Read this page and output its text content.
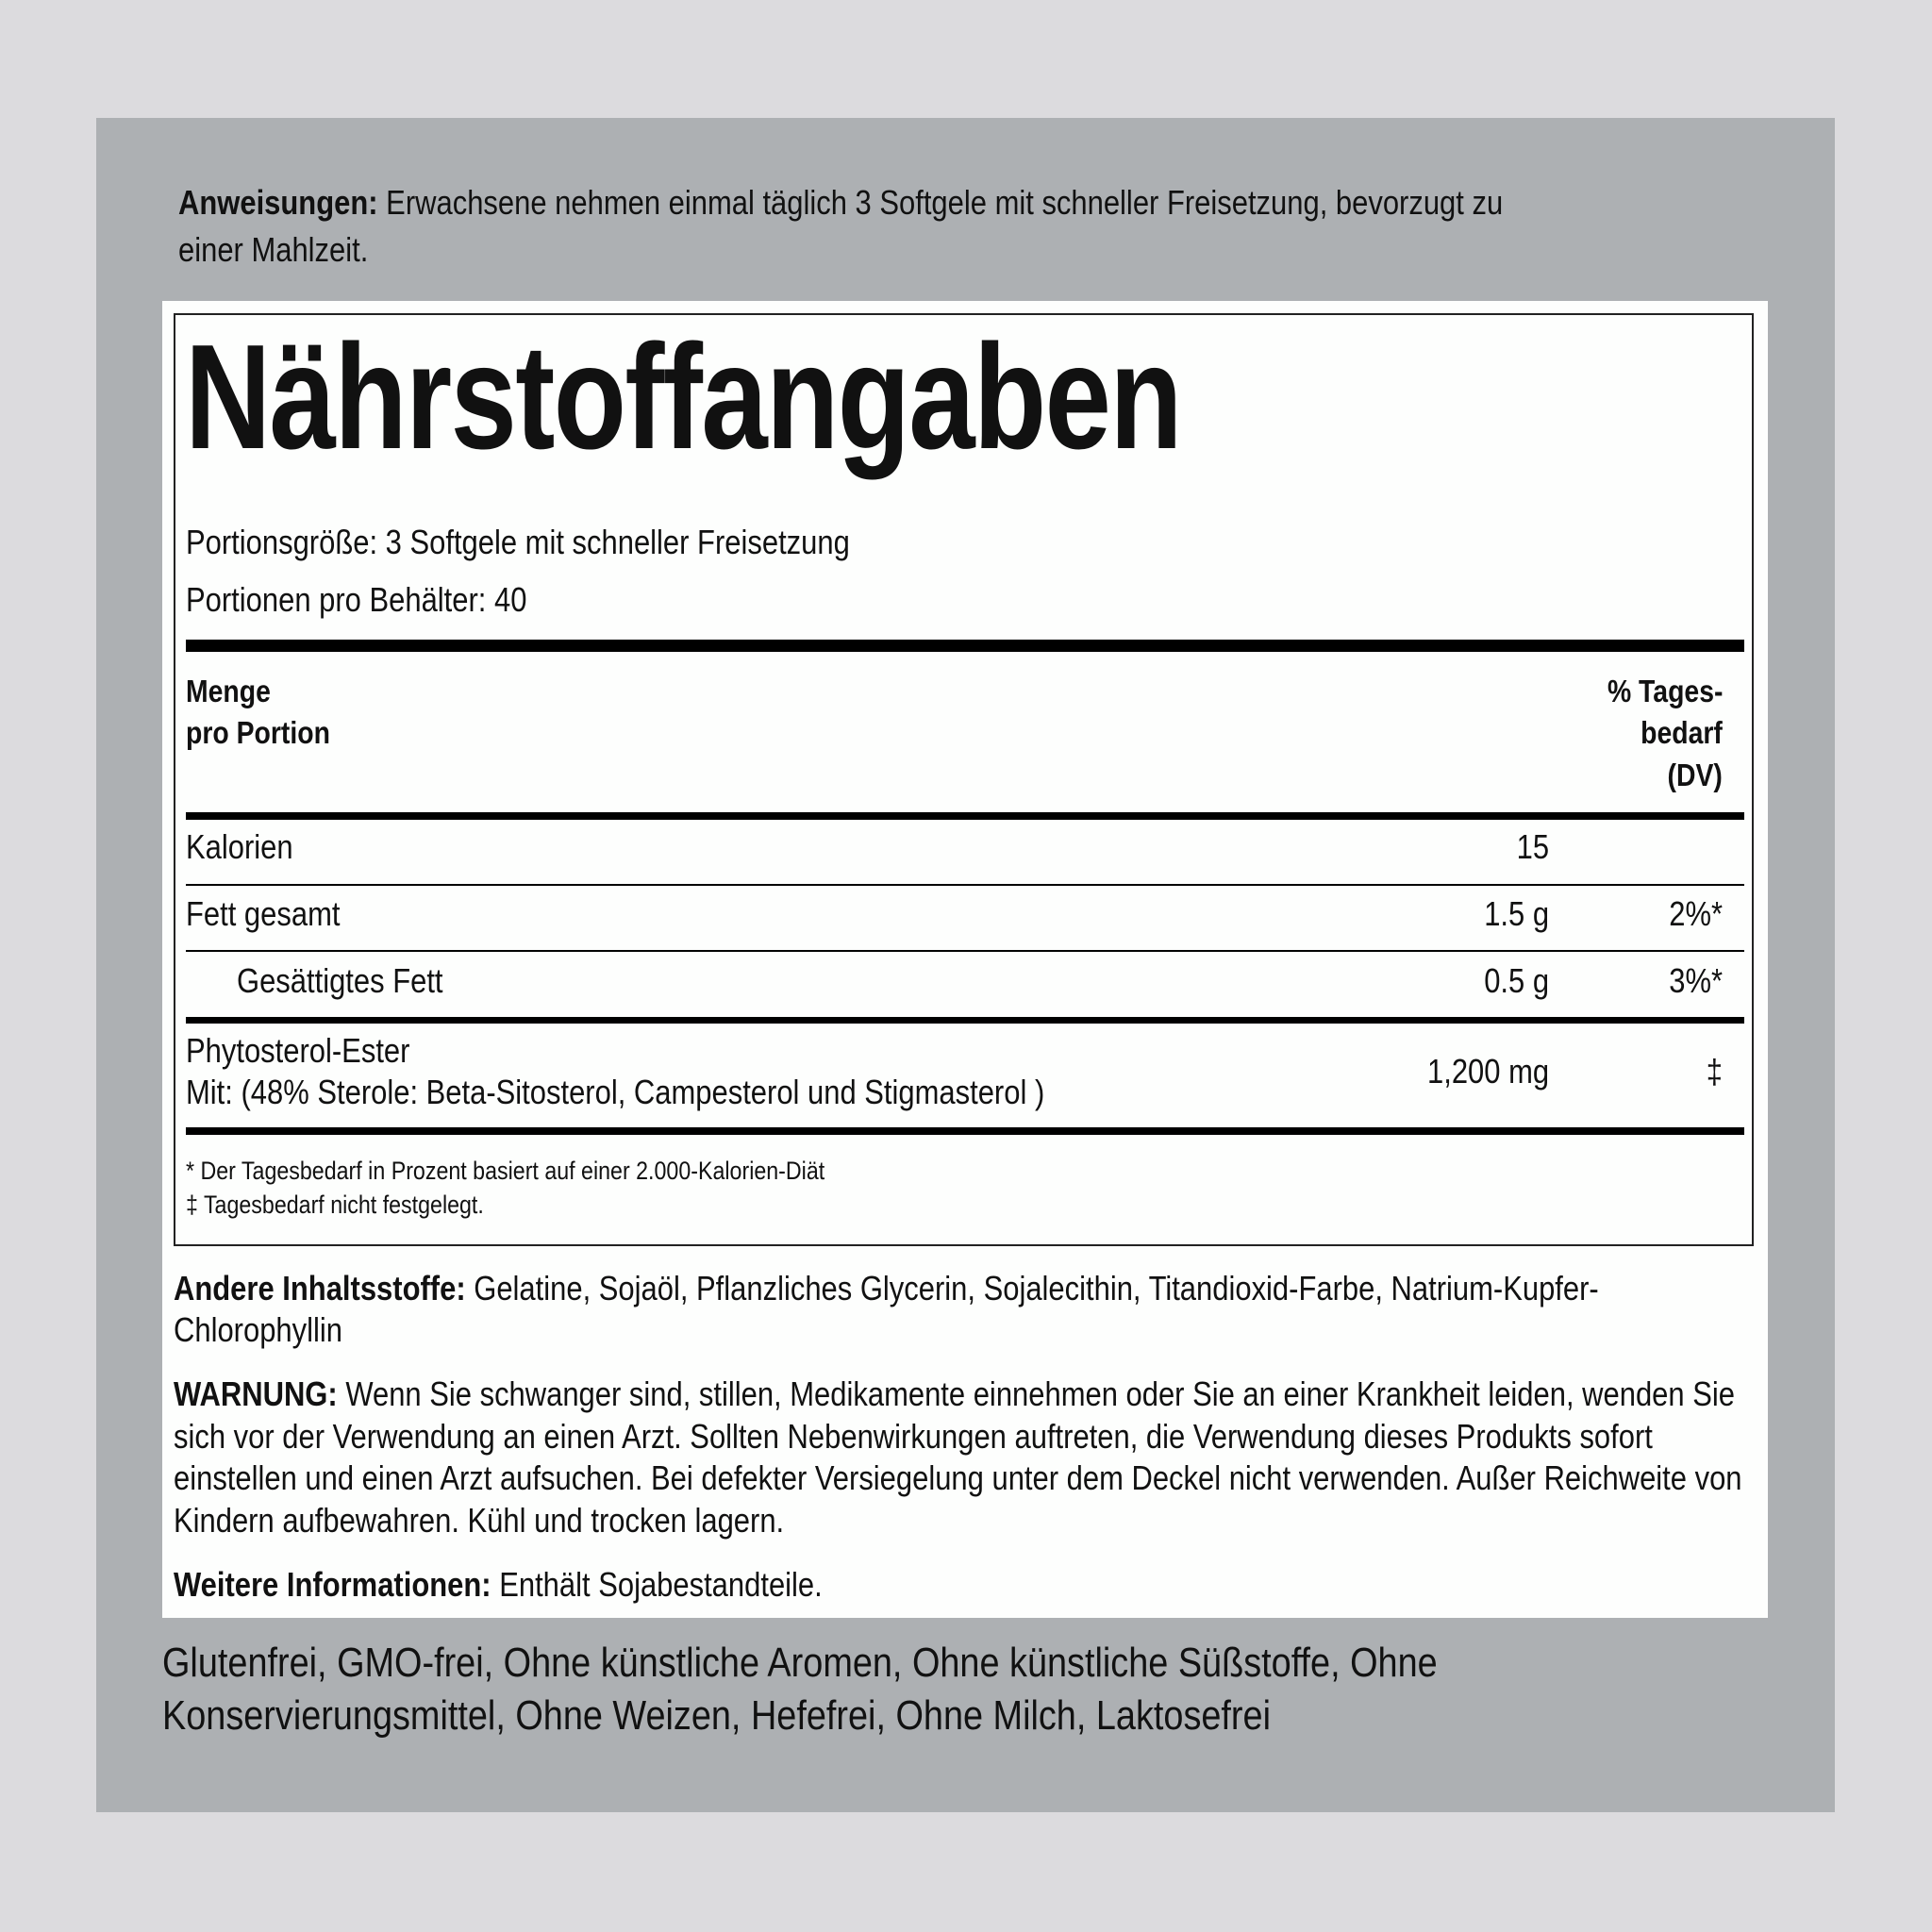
Anweisungen: Erwachsene nehmen einmal täglich 3 Softgele mit schneller Freisetzung, bevorzugt zu
einer Mahlzeit.
Nährstoffangaben
Portionsgröße: 3 Softgele mit schneller Freisetzung
Portionen pro Behälter: 40
Menge
pro Portion
% Tages-
bedarf
(DV)
Kalorien	15
Fett gesamt	1.5 g	2%*
Gesättigtes Fett	0.5 g	3%*
Phytosterol-Ester
Mit: (48% Sterole: Beta-Sitosterol, Campesterol und Stigmasterol )
1,200 mg	‡
* Der Tagesbedarf in Prozent basiert auf einer 2.000-Kalorien-Diät
‡ Tagesbedarf nicht festgelegt.
Andere Inhaltsstoffe: Gelatine, Sojaöl, Pflanzliches Glycerin, Sojalecithin, Titandioxid-Farbe, Natrium-Kupfer-
Chlorophyllin
WARNUNG: Wenn Sie schwanger sind, stillen, Medikamente einnehmen oder Sie an einer Krankheit leiden, wenden Sie
sich vor der Verwendung an einen Arzt. Sollten Nebenwirkungen auftreten, die Verwendung dieses Produkts sofort
einstellen und einen Arzt aufsuchen. Bei defekter Versiegelung unter dem Deckel nicht verwenden. Außer Reichweite von
Kindern aufbewahren. Kühl und trocken lagern.
Weitere Informationen: Enthält Sojabestandteile.
Glutenfrei, GMO-frei, Ohne künstliche Aromen, Ohne künstliche Süßstoffe, Ohne
Konservierungsmittel, Ohne Weizen, Hefefrei, Ohne Milch, Laktosefrei
